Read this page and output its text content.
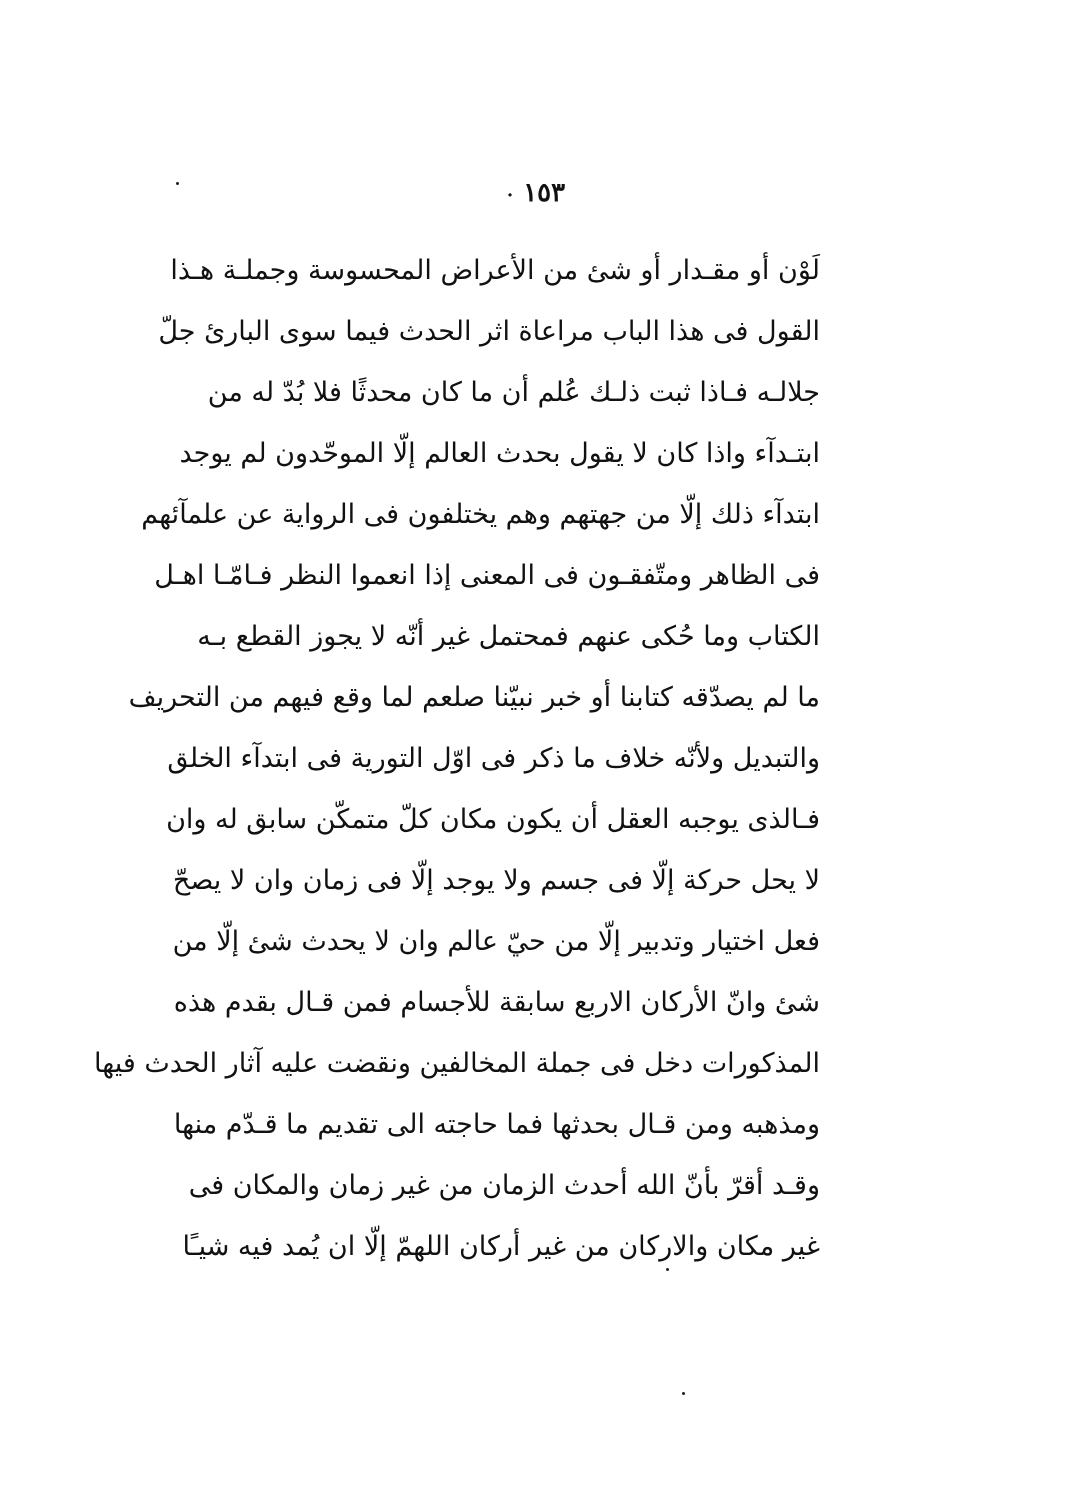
١٥٣·
لَوْن أو مقـدار أو شئ من الأعراض المحسوسة وجملـة هـذا
القول فى هذا الباب مراعاة اثر الحدث فيما سوى البارئ جلّ
جلالـه فـاذا ثبت ذلـك عُلم أن ما كان محدثًا فلا بُدّ له من
ابتـدآء واذا كان لا يقول بحدث العالم إلّا الموحّدون لم يوجد
ابتدآء ذلك إلّا من جهتهم وهم يختلفون فى الرواية عن علمآئهم
فى الظاهر ومتّفقـون فى المعنى إذا انعموا النظر فـامّـا اهـل
الكتاب وما حُكى عنهم فمحتمل غير أنّه لا يجوز القطع بـه
ما لم يصدّقه كتابنا أو خبر نبيّنا صلعم لما وقع فيهم من التحريف
والتبديل ولأنّه خلاف ما ذكر فى اوّل التورية فى ابتدآء الخلق
فـالذى يوجبه العقل أن يكون مكان كلّ متمكّن سابق له وان
لا يحل حركة إلّا فى جسم ولا يوجد إلّا فى زمان وان لا يصحّ
فعل اختيار وتدبير إلّا من حيّ عالم وان لا يحدث شئ إلّا من
شئ وانّ الأركان الاربع سابقة للأجسام فمن قـال بقدم هذه
المذكورات دخل فى جملة المخالفين ونقضت عليه آثار الحدث فيها
ومذهبه ومن قـال بحدثها فما حاجته الى تقديم ما قـدّم منها
وقـد أقرّ بأنّ الله أحدث الزمان من غير زمان والمكان فى
غير مكان والاركان من غير أركان اللهمّ إلّا ان يُمد فيه شيـًا
